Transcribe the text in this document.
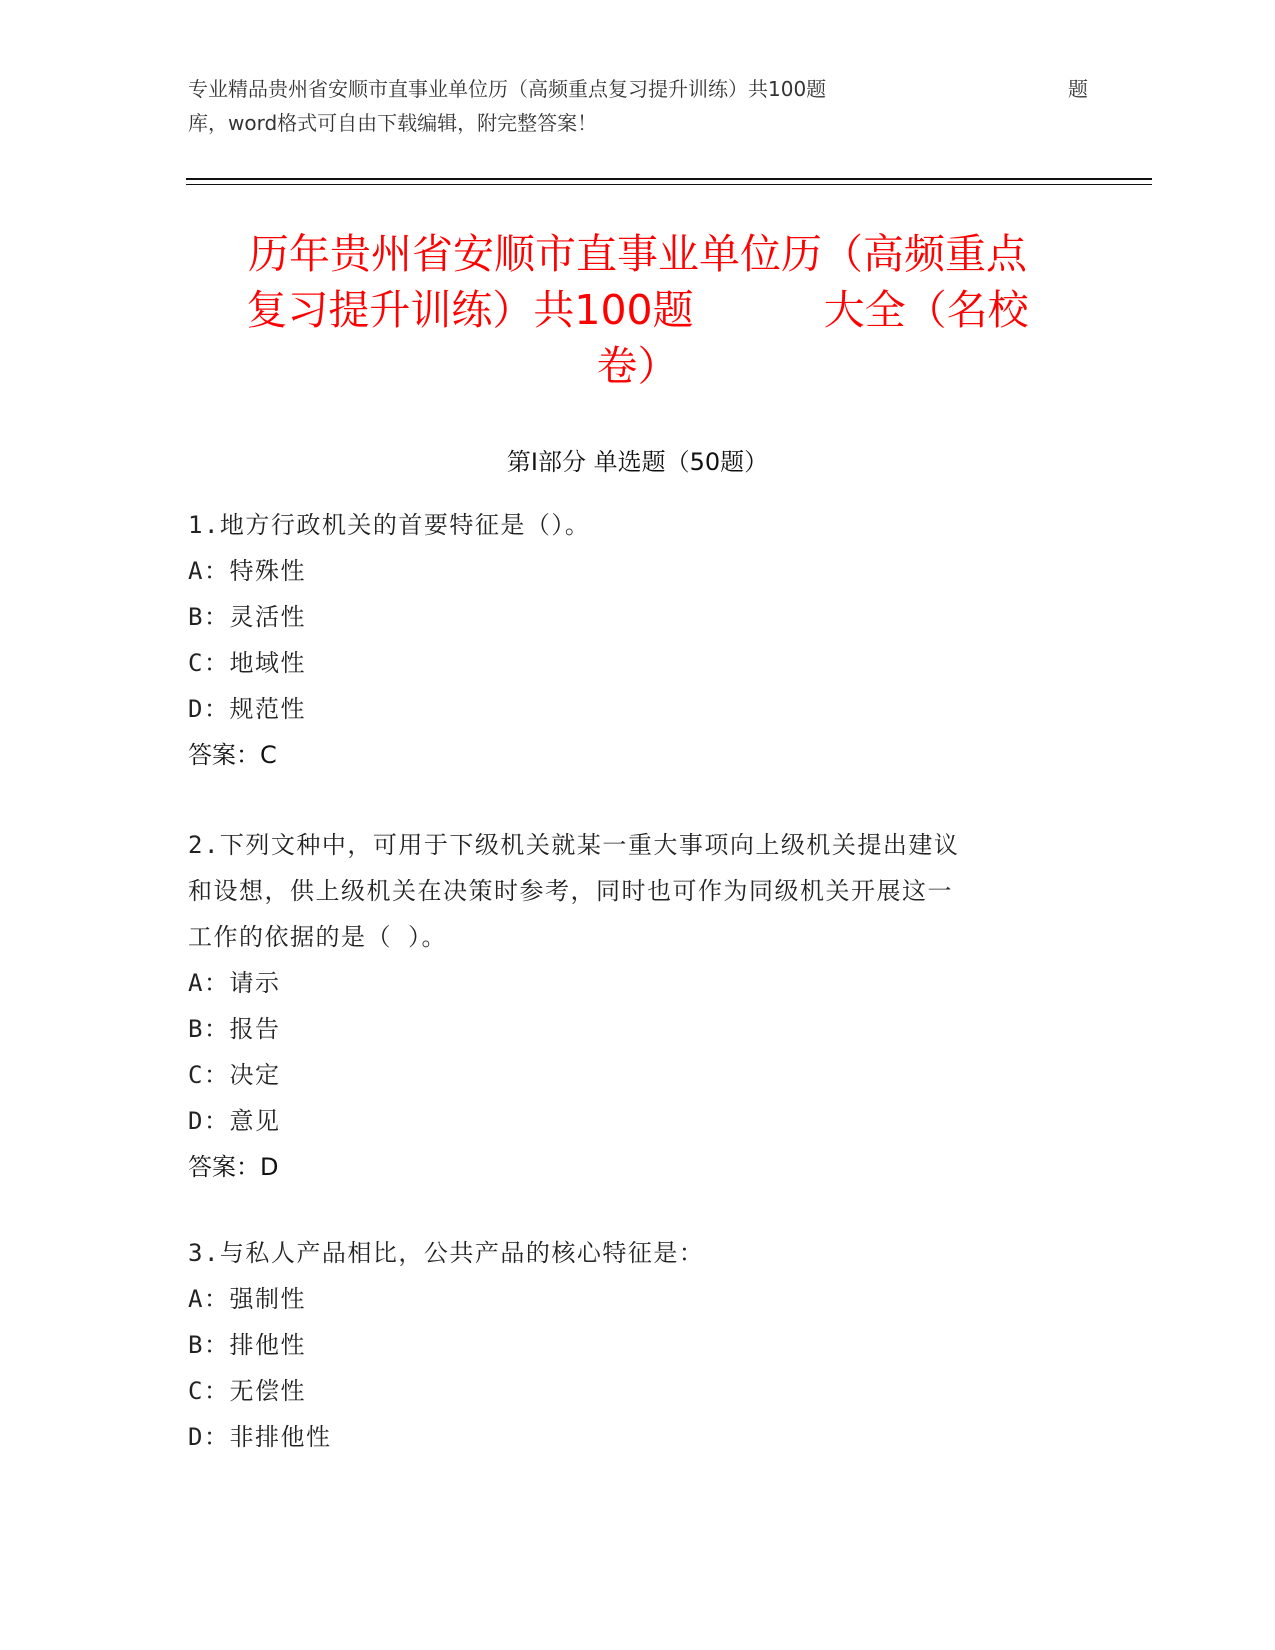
专业精品贵州省安顺市直事业单位历（高频重点复习提升训练）共100题	题
库，word格式可自由下载编辑，附完整答案！
历年贵州省安顺市直事业单位历（高频重点
复习提升训练）共100题	大全（名校
卷）
第Ⅰ部分 单选题（50题）
1.地方行政机关的首要特征是（）。
A：特殊性
B：灵活性
C：地域性
D：规范性
答案：C
2.下列文种中，可用于下级机关就某一重大事项向上级机关提出建议
和设想，供上级机关在决策时参考，同时也可作为同级机关开展这一
工作的依据的是（ ）。
A：请示
B：报告
C：决定
D：意见
答案：D
3.与私人产品相比，公共产品的核心特征是：
A：强制性
B：排他性
C：无偿性
D：非排他性
